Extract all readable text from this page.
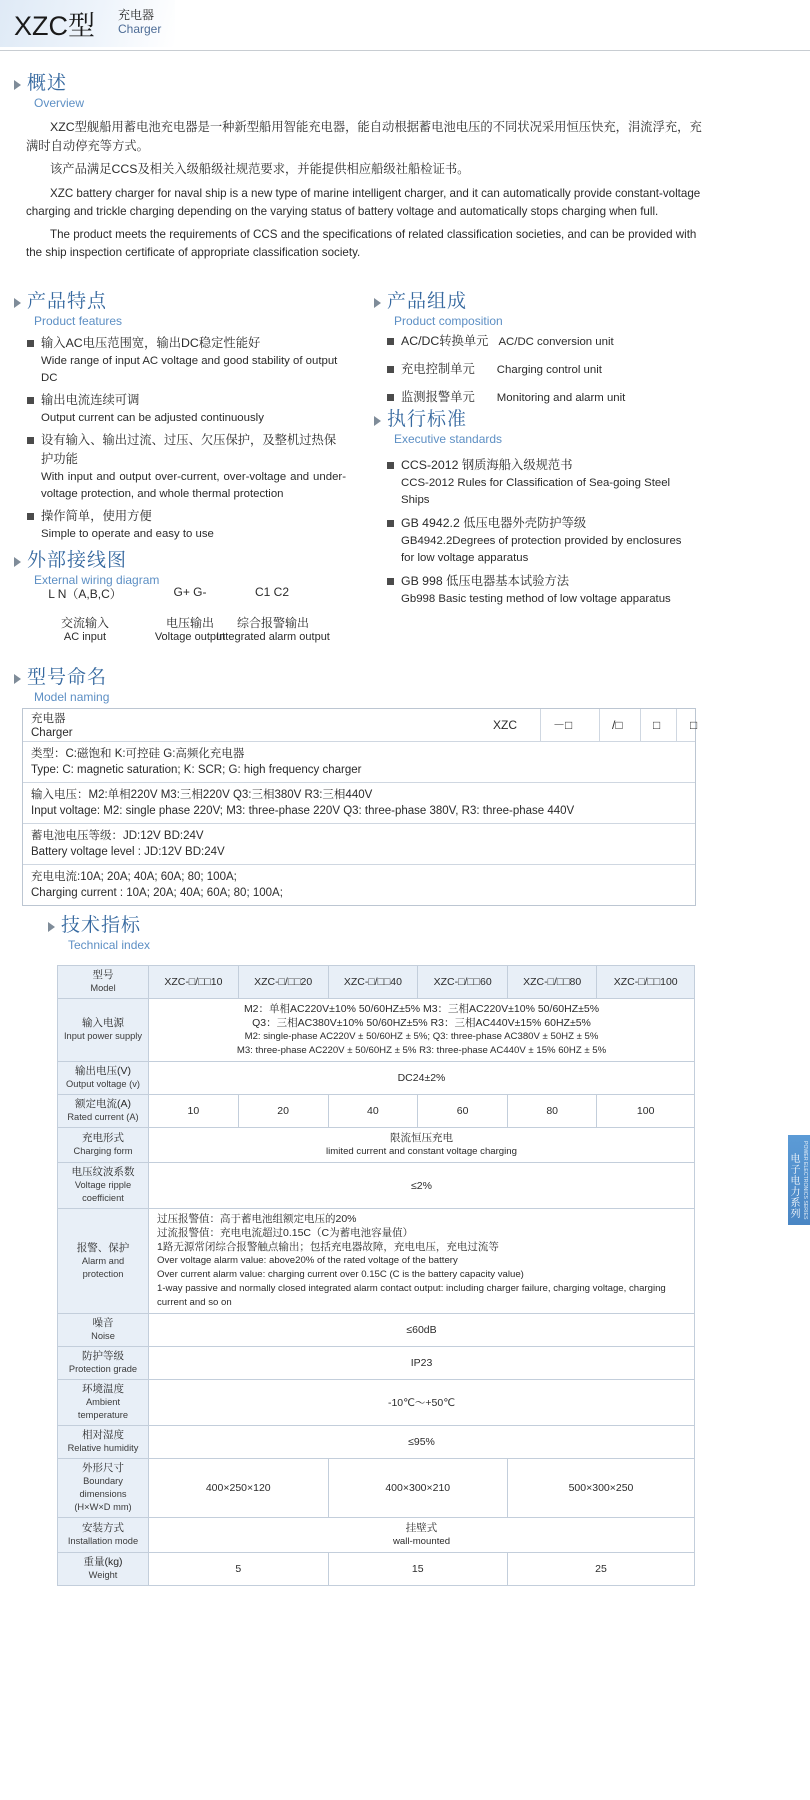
XZC型 充电器
Charger
概述
Overview
XZC型舰船用蓄电池充电器是一种新型船用智能充电器，能自动根据蓄电池电压的不同状况采用恒压快充，涓流浮充，充满时自动停充等方式。
该产品满足CCS及相关入级船级社规范要求，并能提供相应船级社船检证书。
XZC battery charger for naval ship is a new type of marine intelligent charger, and it can automatically provide constant-voltage charging and trickle charging depending on the varying status of battery voltage and automatically stops charging when full.
The product meets the requirements of CCS and the specifications of related classification societies, and can be provided with the ship inspection certificate of appropriate classification society.
产品特点
Product features
输入AC电压范围宽，输出DC稳定性能好
Wide range of input AC voltage and good stability of output DC
输出电流连续可调
Output current can be adjusted continuously
设有输入、输出过流、过压、欠压保护，及整机过热保护功能
With input and output over-current, over-voltage and under-voltage protection, and whole thermal protection
操作简单，使用方便
Simple to operate and easy to use
产品组成
Product composition
AC/DC转换单元 AC/DC conversion unit
充电控制单元 Charging control unit
监测报警单元 Monitoring and alarm unit
执行标准
Executive standards
CCS-2012 钢质海船入级规范书
CCS-2012 Rules for Classification of Sea-going Steel Ships
GB 4942.2 低压电器外壳防护等级
GB4942.2Degrees of protection provided by enclosures for low voltage apparatus
GB 998 低压电器基本试验方法
Gb998 Basic testing method of low voltage apparatus
外部接线图
External wiring diagram
L N（A,B,C）	G+ G-	C1 C2
交流输入
AC input
电压输出
Voltage output
综合报警输出
Integrated alarm output
型号命名
Model naming
充电器
Charger
XZC	－□	/□	□ □
类型：C:磁饱和 K:可控硅 G:高频化充电器
Type: C: magnetic saturation; K: SCR; G: high frequency charger
输入电压：M2:单相220V M3:三相220V Q3:三相380V R3:三相440V
Input voltage: M2: single phase 220V; M3: three-phase 220V Q3: three-phase 380V, R3: three-phase 440V
蓄电池电压等级：JD:12V BD:24V
Battery voltage level : JD:12V BD:24V
充电电流:10A; 20A; 40A; 60A; 80; 100A;
Charging current : 10A; 20A; 40A; 60A; 80; 100A;
技术指标
Technical index
型号
Model	XZC-□/□□10	XZC-□/□□20	XZC-□/□□40	XZC-□/□□60	XZC-□/□□80	XZC-□/□□100
输入电源
Input power supply

M2：单相AC220V±10% 50/60HZ±5% M3：三相AC220V±10% 50/60HZ±5%
Q3：三相AC380V±10% 50/60HZ±5% R3：三相AC440V±15% 60HZ±5%
M2: single-phase AC220V ± 50/60HZ ± 5%; Q3: three-phase AC380V ± 50HZ ± 5%
M3: three-phase AC220V ± 50/60HZ ± 5% R3: three-phase AC440V ± 15% 60HZ ± 5%

输出电压(V)
Output voltage (v)	DC24±2%					
额定电流(A)
Rated current (A)	10	20	40	60	80	100
充电形式
Charging form

限流恒压充电
limited current and constant voltage charging

电压纹波系数
Voltage ripple coefficient	≤2%					
报警、保护
Alarm and protection

过压报警值：高于蓄电池组额定电压的20%
过流报警值：充电电流超过0.15C（C为蓄电池容量值）
1路无源常闭综合报警触点输出；包括充电器故障，充电电压，充电过流等
Over voltage alarm value: above20% of the rated voltage of the battery
Over current alarm value: charging current over 0.15C (C is the battery capacity value)
1-way passive and normally closed integrated alarm contact output: including charger failure, charging voltage, charging current and so on

噪音
Noise	≤60dB					
防护等级
Protection grade	IP23					
环境温度
Ambient temperature	-10℃～+50℃					
相对湿度
Relative humidity	≤95%					
外形尺寸
Boundary dimensions (H×W×D mm)	400×250×120		400×300×210		500×300×250	
安装方式
Installation mode

挂壁式
wall-mounted

重量(kg)
Weight	5		15		25	
电子电力系列 POWER ELECTRONICS SERIES
